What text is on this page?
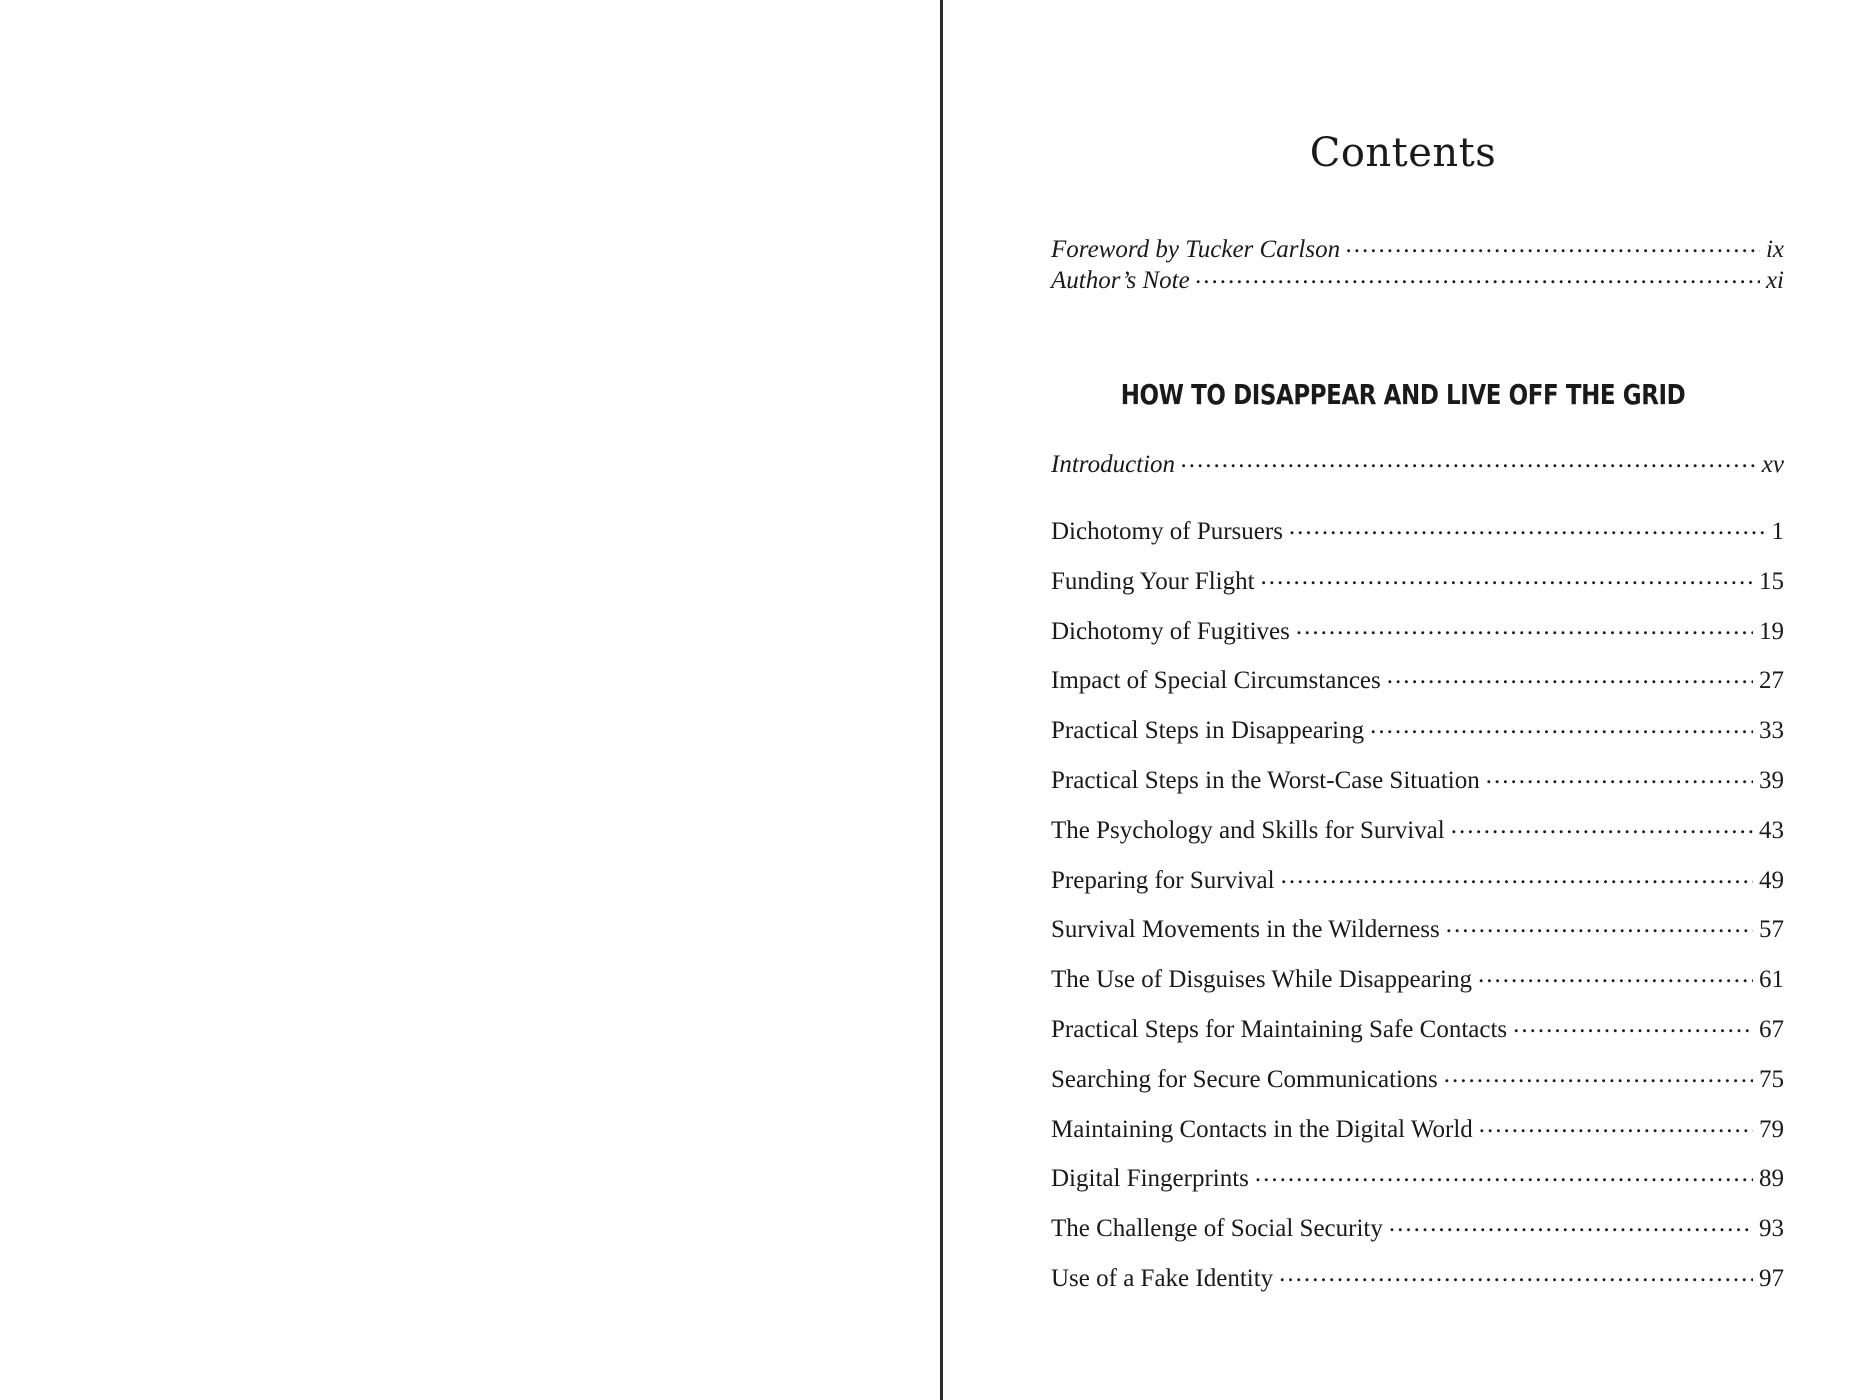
Contents
Foreword by Tucker Carlson .....	ix
Author’s Note .....	xi
HOW TO DISAPPEAR AND LIVE OFF THE GRID
Introduction .....	xv
Dichotomy of Pursuers .....	1
Funding Your Flight .....	15
Dichotomy of Fugitives .....	19
Impact of Special Circumstances .....	27
Practical Steps in Disappearing .....	33
Practical Steps in the Worst-Case Situation .....	39
The Psychology and Skills for Survival .....	43
Preparing for Survival .....	49
Survival Movements in the Wilderness .....	57
The Use of Disguises While Disappearing .....	61
Practical Steps for Maintaining Safe Contacts .....	67
Searching for Secure Communications .....	75
Maintaining Contacts in the Digital World .....	79
Digital Fingerprints .....	89
The Challenge of Social Security .....	93
Use of a Fake Identity .....	97
